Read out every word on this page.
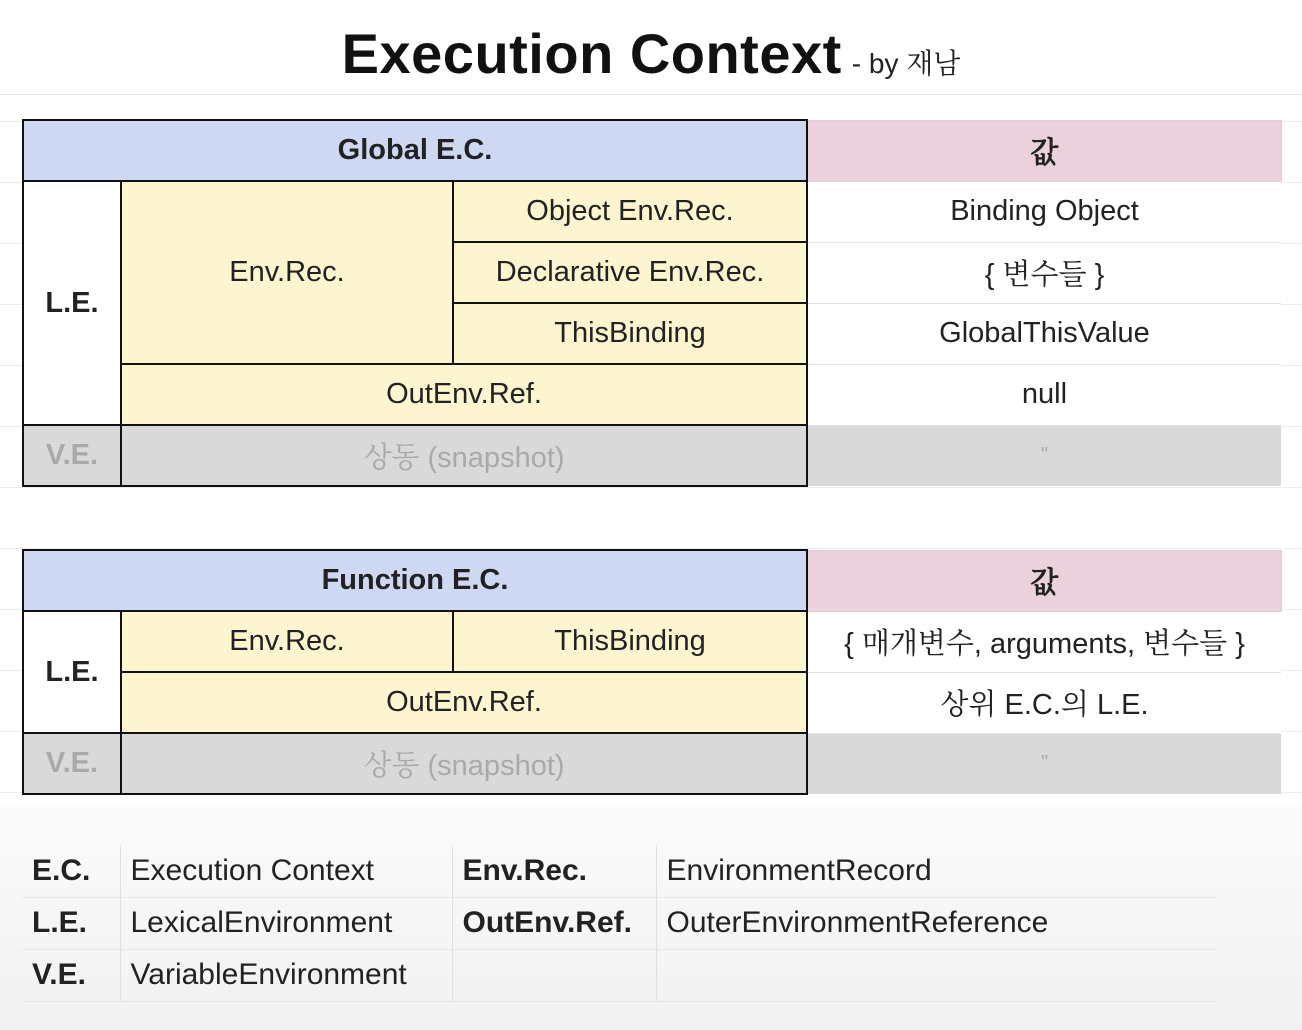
Execution Context - by 재남
Global E.C.			값
L.E.	Env.Rec.	Object Env.Rec.	Binding Object
		Declarative Env.Rec.	{ 변수들 }
		ThisBinding	GlobalThisValue
	OutEnv.Ref.		null
V.E.	상동 (snapshot)		"
Function E.C.			값
L.E.	Env.Rec.	ThisBinding	{ 매개변수, arguments, 변수들 }
	OutEnv.Ref.		상위 E.C.의 L.E.
V.E.	상동 (snapshot)		"
E.C.	Execution Context	Env.Rec.	EnvironmentRecord
L.E.	LexicalEnvironment	OutEnv.Ref.	OuterEnvironmentReference
V.E.	VariableEnvironment		
